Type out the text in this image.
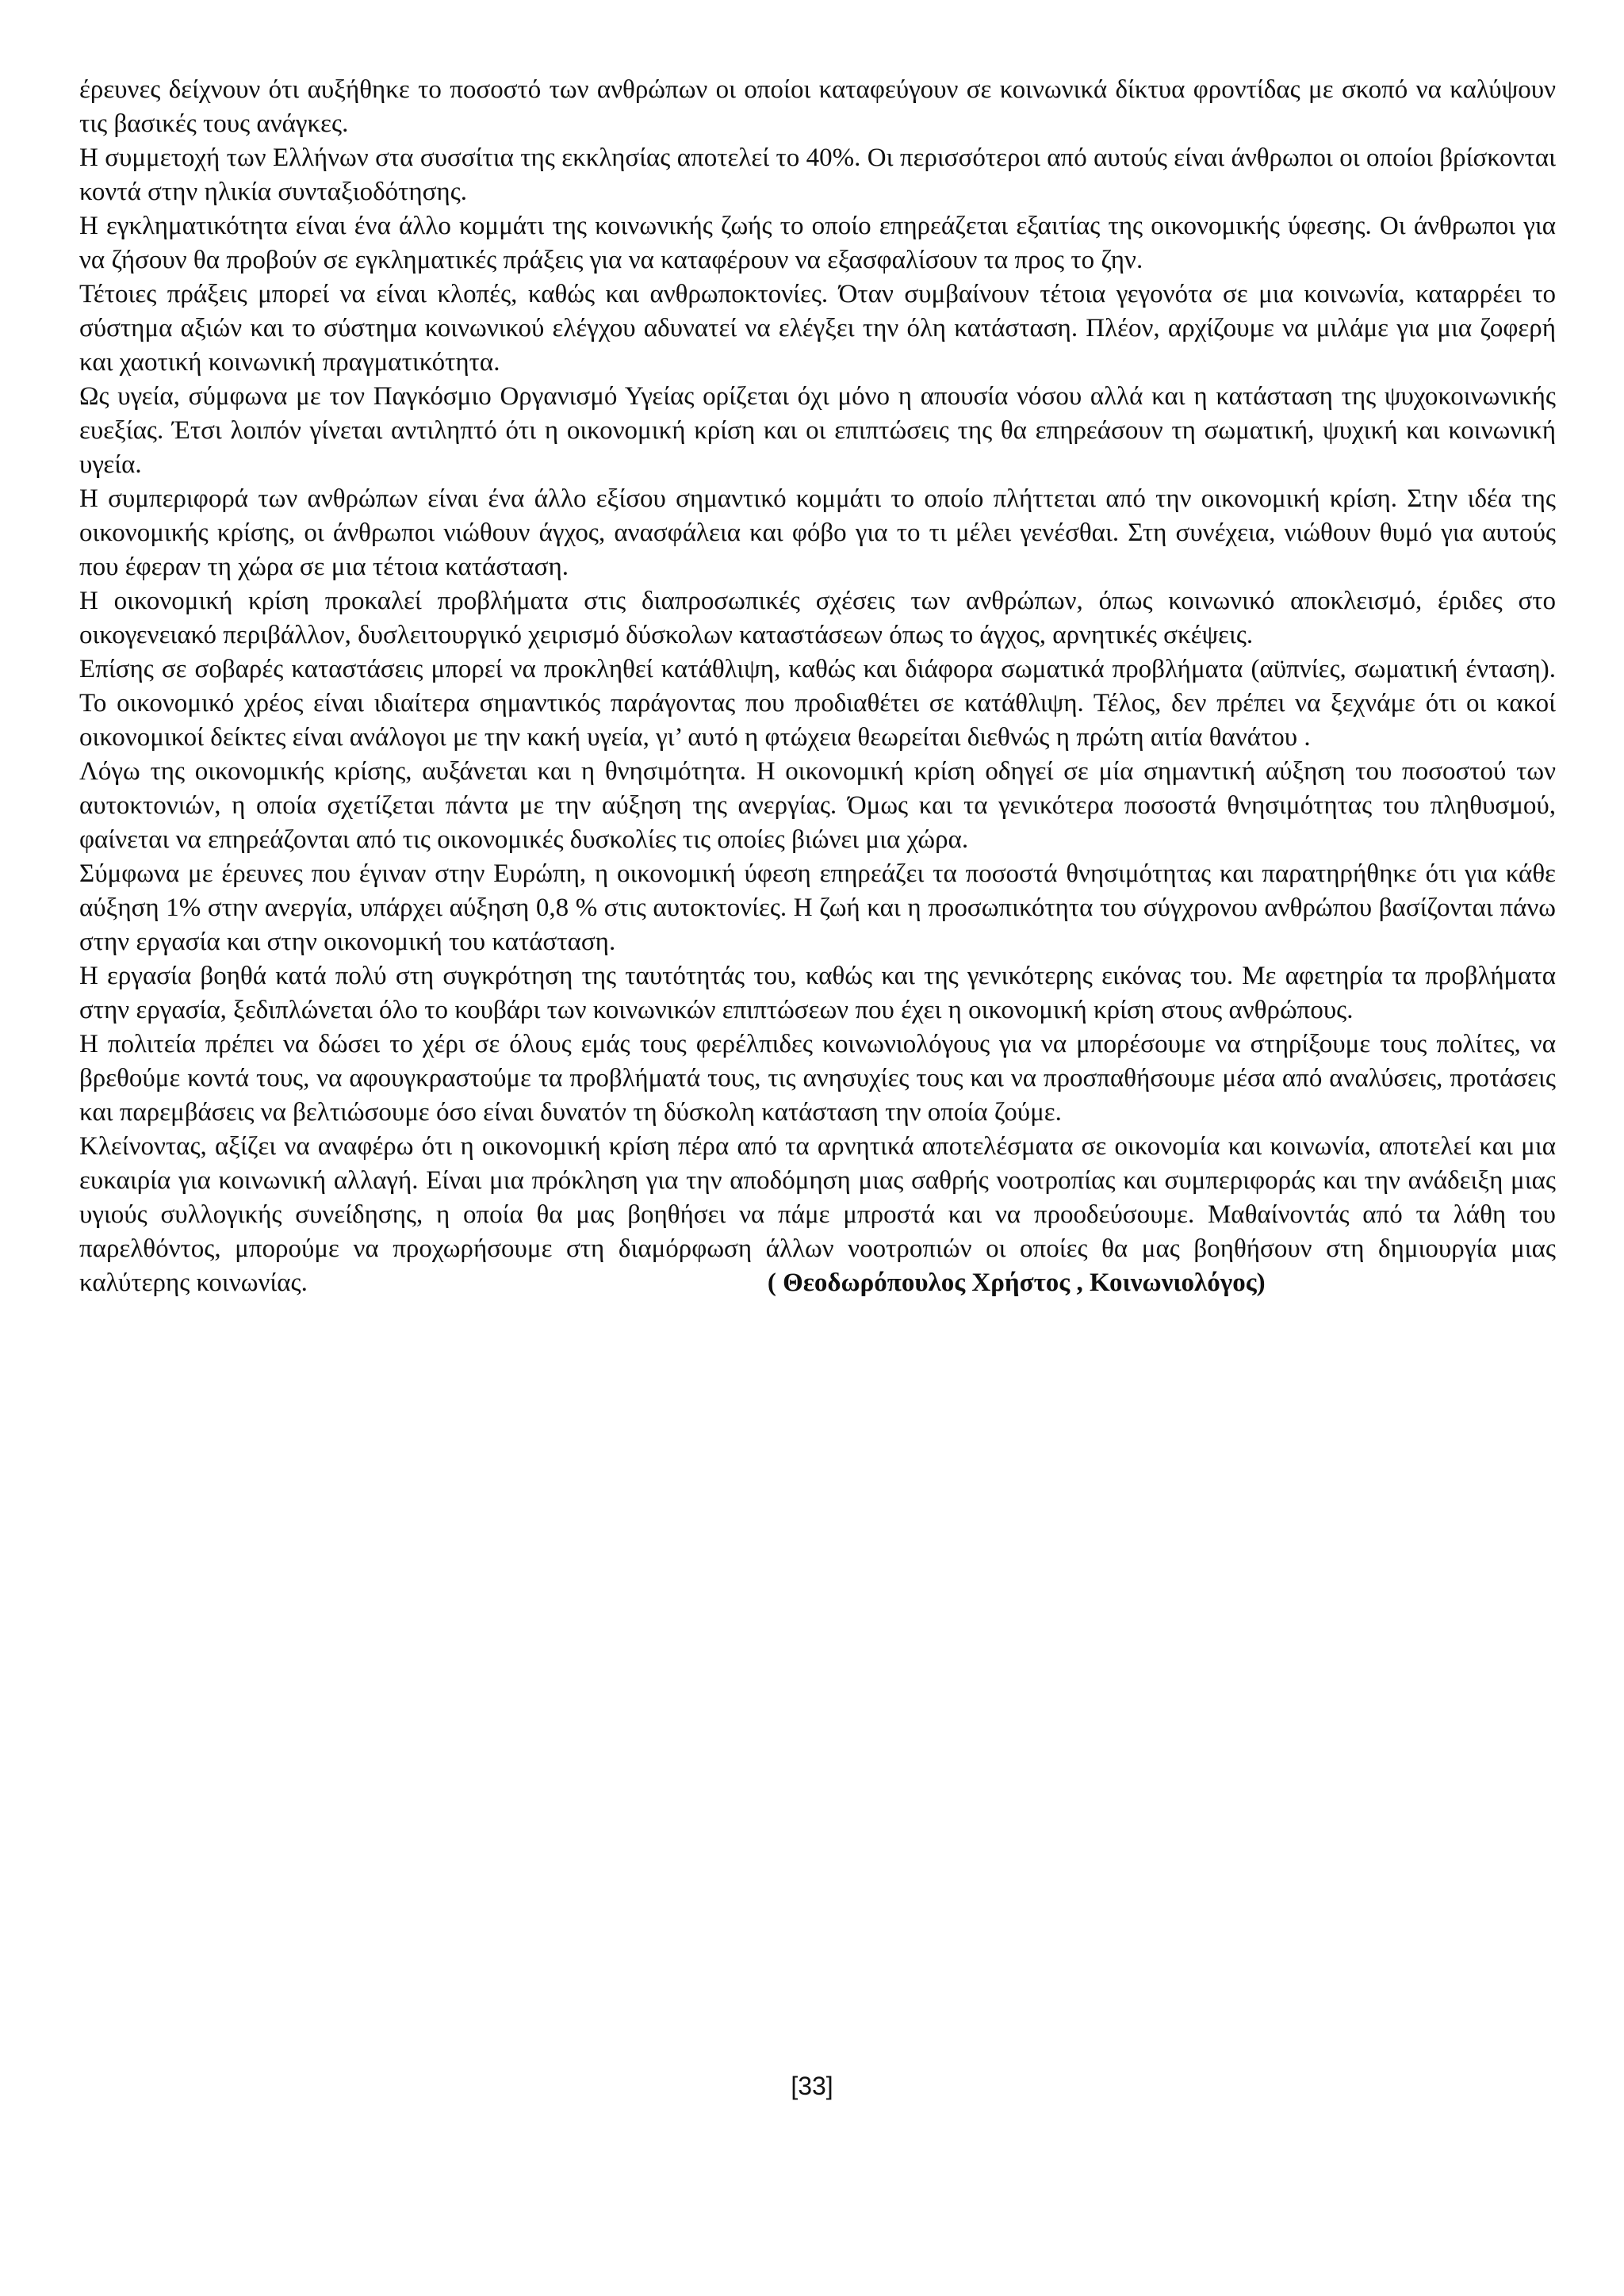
έρευνες δείχνουν ότι αυξήθηκε το ποσοστό των ανθρώπων οι οποίοι καταφεύγουν σε κοινωνικά δίκτυα φροντίδας με σκοπό να καλύψουν τις βασικές τους ανάγκες.

Η συμμετοχή των Ελλήνων στα συσσίτια της εκκλησίας αποτελεί το 40%. Οι περισσότεροι από αυτούς είναι άνθρωποι οι οποίοι βρίσκονται κοντά στην ηλικία συνταξιοδότησης.

Η εγκληματικότητα είναι ένα άλλο κομμάτι της κοινωνικής ζωής το οποίο επηρεάζεται εξαιτίας της οικονομικής ύφεσης. Οι άνθρωποι για να ζήσουν θα προβούν σε εγκληματικές πράξεις για να καταφέρουν να εξασφαλίσουν τα προς το ζην.

Τέτοιες πράξεις μπορεί να είναι κλοπές, καθώς και ανθρωποκτονίες. Όταν συμβαίνουν τέτοια γεγονότα σε μια κοινωνία, καταρρέει το σύστημα αξιών και το σύστημα κοινωνικού ελέγχου αδυνατεί να ελέγξει την όλη κατάσταση. Πλέον, αρχίζουμε να μιλάμε για μια ζοφερή και χαοτική κοινωνική πραγματικότητα.

Ως υγεία, σύμφωνα με τον Παγκόσμιο Οργανισμό Υγείας ορίζεται όχι μόνο η απουσία νόσου αλλά και η κατάσταση της ψυχοκοινωνικής ευεξίας. Έτσι λοιπόν γίνεται αντιληπτό ότι η οικονομική κρίση και οι επιπτώσεις της θα επηρεάσουν τη σωματική, ψυχική και κοινωνική υγεία.

Η συμπεριφορά των ανθρώπων είναι ένα άλλο εξίσου σημαντικό κομμάτι το οποίο πλήττεται από την οικονομική κρίση. Στην ιδέα της οικονομικής κρίσης, οι άνθρωποι νιώθουν άγχος, ανασφάλεια και φόβο για το τι μέλει γενέσθαι. Στη συνέχεια, νιώθουν θυμό για αυτούς που έφεραν τη χώρα σε μια τέτοια κατάσταση.

Η οικονομική κρίση προκαλεί προβλήματα στις διαπροσωπικές σχέσεις των ανθρώπων, όπως κοινωνικό αποκλεισμό, έριδες στο οικογενειακό περιβάλλον, δυσλειτουργικό χειρισμό δύσκολων καταστάσεων όπως το άγχος, αρνητικές σκέψεις.

Επίσης σε σοβαρές καταστάσεις μπορεί να προκληθεί κατάθλιψη, καθώς και διάφορα σωματικά προβλήματα (αϋπνίες, σωματική ένταση). Το οικονομικό χρέος είναι ιδιαίτερα σημαντικός παράγοντας που προδιαθέτει σε κατάθλιψη. Τέλος, δεν πρέπει να ξεχνάμε ότι οι κακοί οικονομικοί δείκτες είναι ανάλογοι με την κακή υγεία, γι’ αυτό η φτώχεια θεωρείται διεθνώς η πρώτη αιτία θανάτου .

Λόγω της οικονομικής κρίσης, αυξάνεται και η θνησιμότητα. Η οικονομική κρίση οδηγεί σε μία σημαντική αύξηση του ποσοστού των αυτοκτονιών, η οποία σχετίζεται πάντα με την αύξηση της ανεργίας. Όμως και τα γενικότερα ποσοστά θνησιμότητας του πληθυσμού, φαίνεται να επηρεάζονται από τις οικονομικές δυσκολίες τις οποίες βιώνει μια χώρα.

Σύμφωνα με έρευνες που έγιναν στην Ευρώπη, η οικονομική ύφεση επηρεάζει τα ποσοστά θνησιμότητας και παρατηρήθηκε ότι για κάθε αύξηση 1% στην ανεργία, υπάρχει αύξηση 0,8 % στις αυτοκτονίες. Η ζωή και η προσωπικότητα του σύγχρονου ανθρώπου βασίζονται πάνω στην εργασία και στην οικονομική του κατάσταση.

Η εργασία βοηθά κατά πολύ στη συγκρότηση της ταυτότητάς του, καθώς και της γενικότερης εικόνας του. Με αφετηρία τα προβλήματα στην εργασία, ξεδιπλώνεται όλο το κουβάρι των κοινωνικών επιπτώσεων που έχει η οικονομική κρίση στους ανθρώπους.

Η πολιτεία πρέπει να δώσει το χέρι σε όλους εμάς τους φερέλπιδες κοινωνιολόγους για να μπορέσουμε να στηρίξουμε τους πολίτες, να βρεθούμε κοντά τους, να αφουγκραστούμε τα προβλήματά τους, τις ανησυχίες τους και να προσπαθήσουμε μέσα από αναλύσεις, προτάσεις και παρεμβάσεις να βελτιώσουμε όσο είναι δυνατόν τη δύσκολη κατάσταση την οποία ζούμε.

Κλείνοντας, αξίζει να αναφέρω ότι η οικονομική κρίση πέρα από τα αρνητικά αποτελέσματα σε οικονομία και κοινωνία, αποτελεί και μια ευκαιρία για κοινωνική αλλαγή. Είναι μια πρόκληση για την αποδόμηση μιας σαθρής νοοτροπίας και συμπεριφοράς και την ανάδειξη μιας υγιούς συλλογικής συνείδησης, η οποία θα μας βοηθήσει να πάμε μπροστά και να προοδεύσουμε. Μαθαίνοντάς από τα λάθη του παρελθόντος, μπορούμε να προχωρήσουμε στη διαμόρφωση άλλων νοοτροπιών οι οποίες θα μας βοηθήσουν στη δημιουργία μιας καλύτερης κοινωνίας.	( Θεοδωρόπουλος Χρήστος , Κοινωνιολόγος)

[33]
